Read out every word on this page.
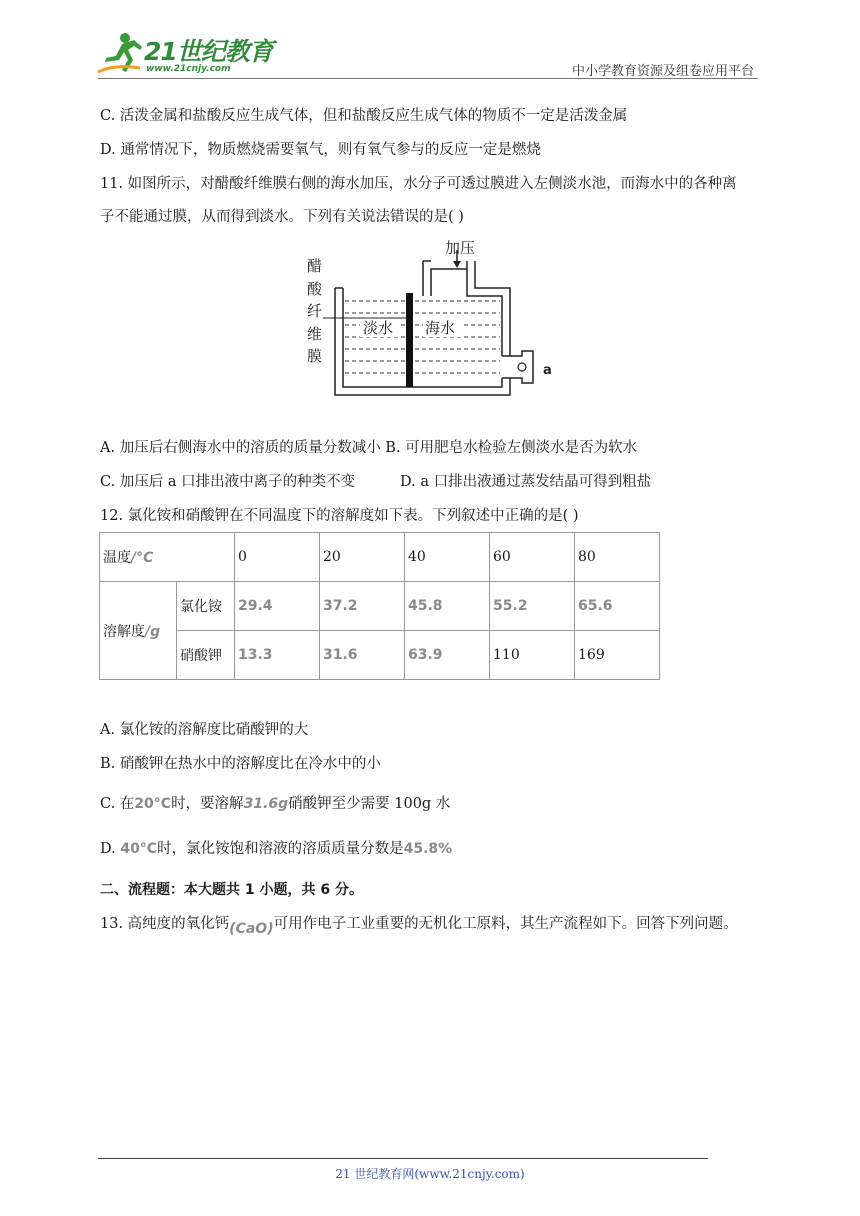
21世纪教育
www.21cnjy.com	中小学教育资源及组卷应用平台
C. 活泼金属和盐酸反应生成气体，但和盐酸反应生成气体的物质不一定是活泼金属
D. 通常情况下，物质燃烧需要氧气，则有氧气参与的反应一定是燃烧
11. 如图所示，对醋酸纤维膜右侧的海水加压，水分子可透过膜进入左侧淡水池，而海水中的各种离
子不能通过膜，从而得到淡水。下列有关说法错误的是( )
加压
醋
酸
纤
维
膜
淡水 海水
a
A. 加压后右侧海水中的溶质的质量分数减小 B. 可用肥皂水检验左侧淡水是否为软水
C. 加压后 a 口排出液中离子的种类不变	D. a 口排出液通过蒸发结晶可得到粗盐
12. 氯化铵和硝酸钾在不同温度下的溶解度如下表。下列叙述中正确的是( )
温度/°C		0	20	40	60	80
溶解度/g	氯化铵	29.4	37.2	45.8	55.2	65.6
	硝酸钾	13.3	31.6	63.9	110	169
A. 氯化铵的溶解度比硝酸钾的大
B. 硝酸钾在热水中的溶解度比在冷水中的小
C. 在20°C时，要溶解31.6g硝酸钾至少需要 100g 水
D. 40°C时，氯化铵饱和溶液的溶质质量分数是45.8%
二、流程题：本大题共 1 小题，共 6 分。
13. 高纯度的氧化钙(CaO)可用作电子工业重要的无机化工原料，其生产流程如下。回答下列问题。
21 世纪教育网(www.21cnjy.com)
